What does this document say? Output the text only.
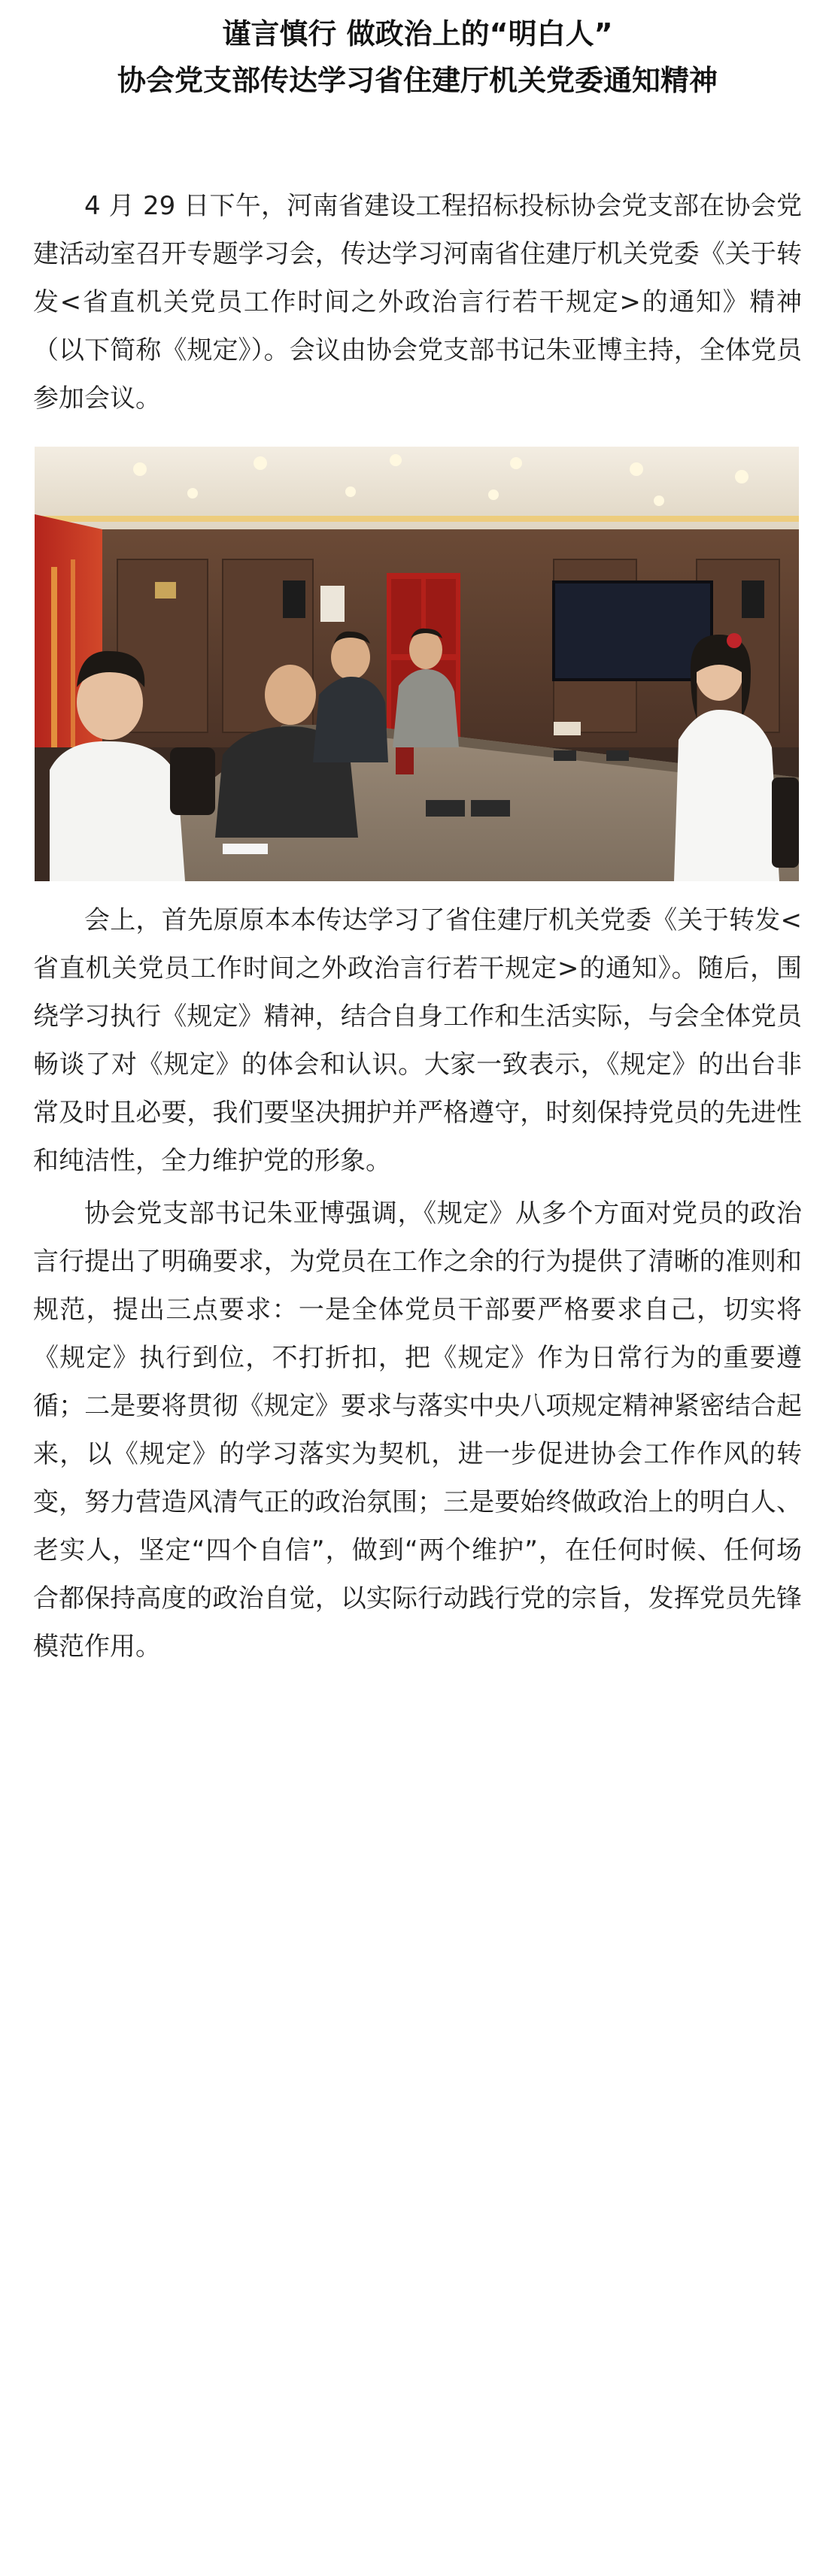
谨言慎行 做政治上的“明白人”
协会党支部传达学习省住建厅机关党委通知精神

4 月 29 日下午，河南省建设工程招标投标协会党支部在协会党建活动室召开专题学习会，传达学习河南省住建厅机关党委《关于转发<省直机关党员工作时间之外政治言行若干规定>的通知》精神（以下简称《规定》）。会议由协会党支部书记朱亚博主持，全体党员参加会议。

会上，首先原原本本传达学习了省住建厅机关党委《关于转发<省直机关党员工作时间之外政治言行若干规定>的通知》。随后，围绕学习执行《规定》精神，结合自身工作和生活实际，与会全体党员畅谈了对《规定》的体会和认识。大家一致表示，《规定》的出台非常及时且必要，我们要坚决拥护并严格遵守，时刻保持党员的先进性和纯洁性，全力维护党的形象。

协会党支部书记朱亚博强调，《规定》从多个方面对党员的政治言行提出了明确要求，为党员在工作之余的行为提供了清晰的准则和规范，提出三点要求：一是全体党员干部要严格要求自己，切实将《规定》执行到位，不打折扣，把《规定》作为日常行为的重要遵循；二是要将贯彻《规定》要求与落实中央八项规定精神紧密结合起来，以《规定》的学习落实为契机，进一步促进协会工作作风的转变，努力营造风清气正的政治氛围；三是要始终做政治上的明白人、老实人，坚定“四个自信”，做到“两个维护”，在任何时候、任何场合都保持高度的政治自觉，以实际行动践行党的宗旨，发挥党员先锋模范作用。
